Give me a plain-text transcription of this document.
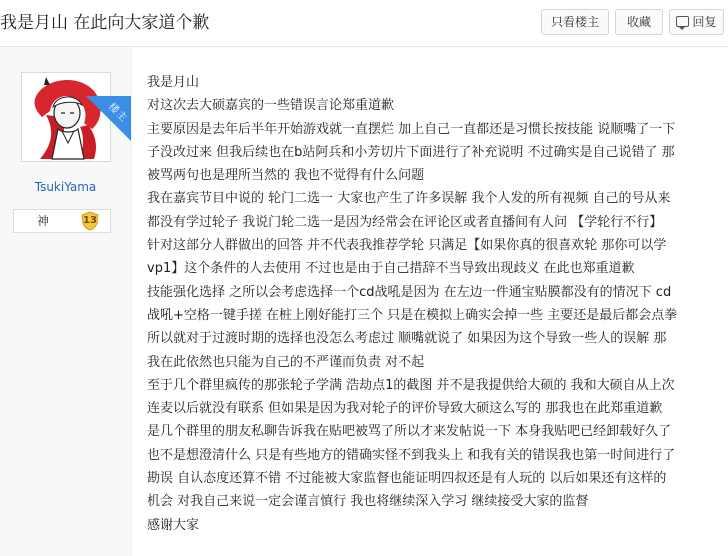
我是月山 在此向大家道个歉	只看楼主	收藏	回复
楼主
TsukiYama
神	13

我是月山

对这次去大硕嘉宾的一些错误言论郑重道歉

主要原因是去年后半年开始游戏就一直摆烂 加上自己一直都还是习惯长按技能 说顺嘴了一下

子没改过来 但我后续也在b站阿兵和小芳切片下面进行了补充说明 不过确实是自己说错了 那

被骂两句也是理所当然的 我也不觉得有什么问题

我在嘉宾节目中说的 轮门二选一 大家也产生了许多误解 我个人发的所有视频 自己的号从来

都没有学过轮子 我说门轮二选一是因为经常会在评论区或者直播间有人问 【学轮行不行】

针对这部分人群做出的回答 并不代表我推荐学轮 只满足【如果你真的很喜欢轮 那你可以学

vp1】这个条件的人去使用 不过也是由于自己措辞不当导致出现歧义 在此也郑重道歉

技能强化选择 之所以会考虑选择一个cd战吼是因为 在左边一件通宝贴膜都没有的情况下 cd

战吼+空格一键手搓 在桩上刚好能打三个 只是在模拟上确实会掉一些 主要还是最后都会点拳

所以就对于过渡时期的选择也没怎么考虑过 顺嘴就说了 如果因为这个导致一些人的误解 那

我在此依然也只能为自己的不严谨而负责 对不起

至于几个群里疯传的那张轮子学满 浩劫点1的截图 并不是我提供给大硕的 我和大硕自从上次

连麦以后就没有联系 但如果是因为我对轮子的评价导致大硕这么写的 那我也在此郑重道歉

是几个群里的朋友私聊告诉我在贴吧被骂了所以才来发帖说一下 本身我贴吧已经卸载好久了

也不是想澄清什么 只是有些地方的错确实怪不到我头上 和我有关的错误我也第一时间进行了

勘误 自认态度还算不错 不过能被大家监督也能证明四叔还是有人玩的 以后如果还有这样的

机会 对我自己来说一定会谨言慎行 我也将继续深入学习 继续接受大家的监督

感谢大家
